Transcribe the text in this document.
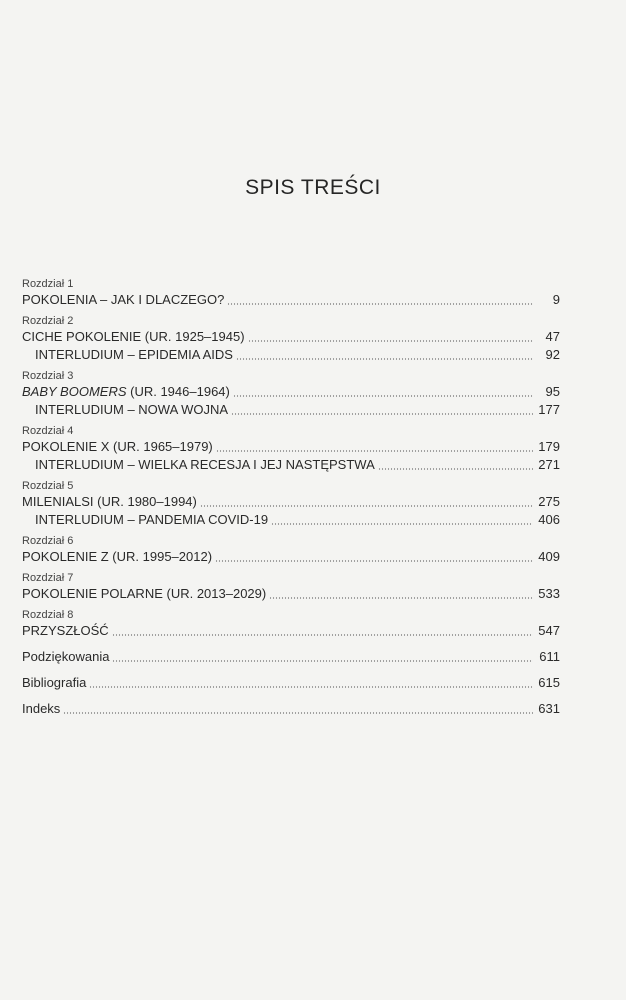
SPIS TREŚCI
Rozdział 1
POKOLENIA – JAK I DLACZEGO?	9
Rozdział 2
CICHE POKOLENIE (UR. 1925–1945)	47
INTERLUDIUM – EPIDEMIA AIDS	92
Rozdział 3
BABY BOOMERS (UR. 1946–1964)	95
INTERLUDIUM – NOWA WOJNA	177
Rozdział 4
POKOLENIE X (UR. 1965–1979)	179
INTERLUDIUM – WIELKA RECESJA I JEJ NASTĘPSTWA	271
Rozdział 5
MILENIALSI (UR. 1980–1994)	275
INTERLUDIUM – PANDEMIA COVID-19	406
Rozdział 6
POKOLENIE Z (UR. 1995–2012)	409
Rozdział 7
POKOLENIE POLARNE (UR. 2013–2029)	533
Rozdział 8
PRZYSZŁOŚĆ	547
Podziękowania	611
Bibliografia	615
Indeks	631
